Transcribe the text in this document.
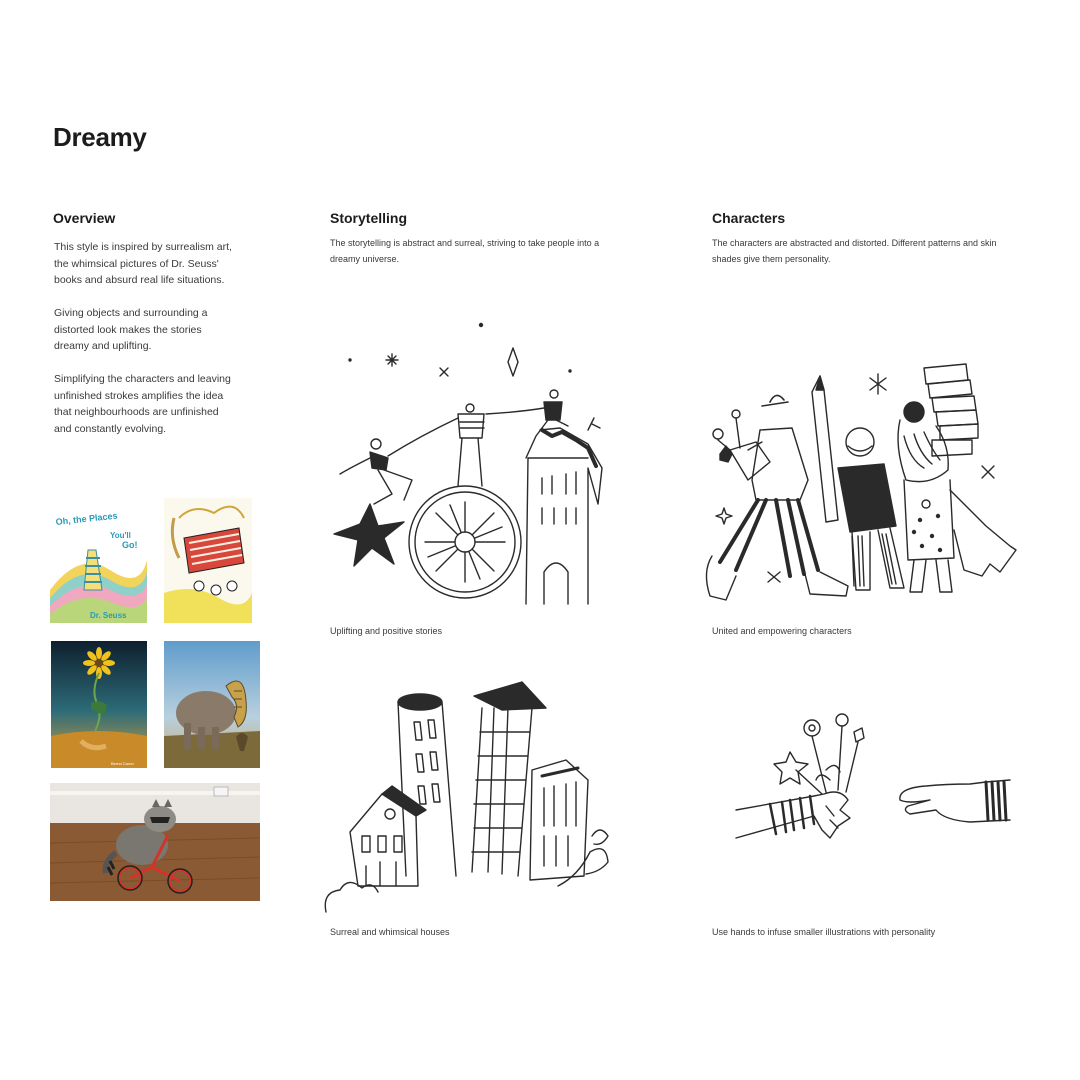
Dreamy
Overview
This style is inspired by surrealism art, the whimsical pictures of Dr. Seuss' books and absurd real life situations.
Giving objects and surrounding a distorted look makes the stories dreamy and uplifting.
Simplifying the characters and leaving unfinished strokes amplifies the idea that neighbourhoods are unfinished and constantly evolving.
Oh, the Places
You'll
Go!
Dr. Seuss
Bernd Caron
Storytelling
The storytelling is abstract and surreal, striving to take people into a dreamy universe.
Uplifting and positive stories
Surreal and whimsical houses
Characters
The characters are abstracted and distorted. Different patterns and skin shades give them personality.
United and empowering characters
Use hands to infuse smaller illustrations with personality
